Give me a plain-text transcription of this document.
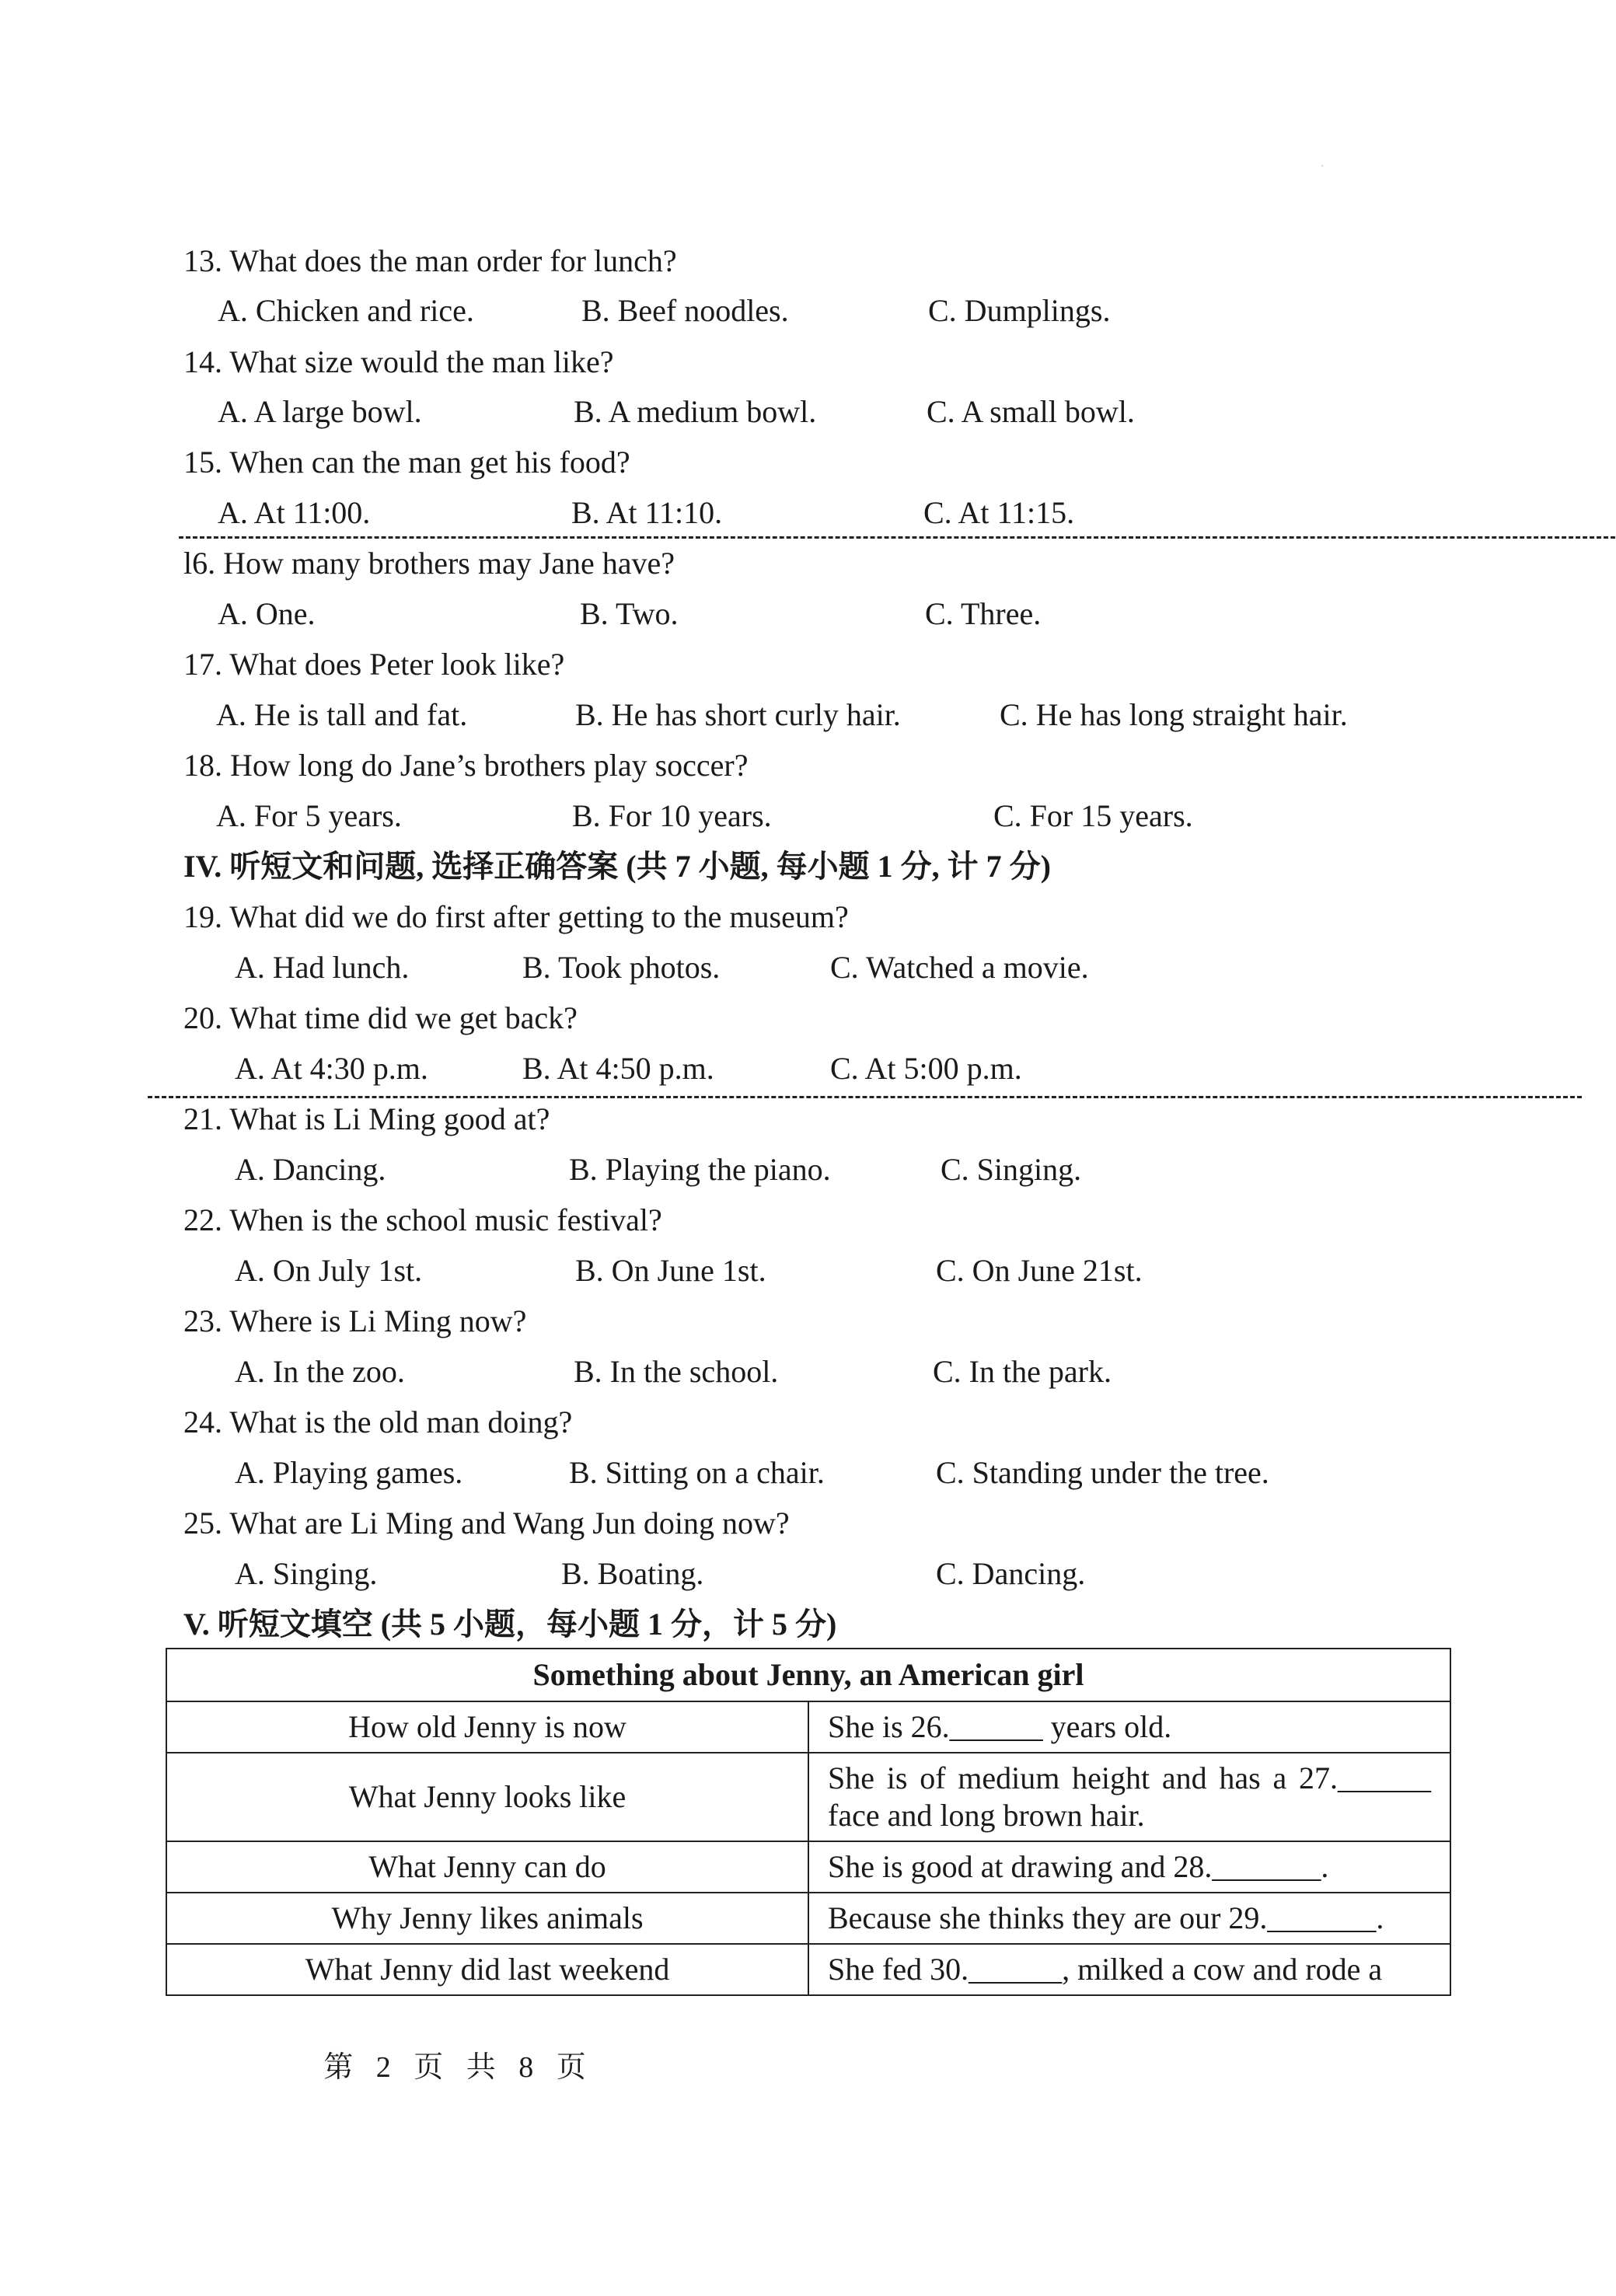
.
13. What does the man order for lunch?
A. Chicken and rice.	B. Beef noodles.	C. Dumplings.
14. What size would the man like?
A. A large bowl.	B. A medium bowl.	C. A small bowl.
15. When can the man get his food?
A. At 11:00.	B. At 11:10.	C. At 11:15.
l6. How many brothers may Jane have?
A. One.	B. Two.	C. Three.
17. What does Peter look like?
A. He is tall and fat.	B. He has short curly hair.	C. He has long straight hair.
18. How long do Jane’s brothers play soccer?
A. For 5 years.	B. For 10 years.	C. For 15 years.
IV. 听短文和问题, 选择正确答案 (共 7 小题, 每小题 1 分, 计 7 分)
19. What did we do first after getting to the museum?
A. Had lunch.	B. Took photos.	C. Watched a movie.
20. What time did we get back?
A. At 4:30 p.m.	B. At 4:50 p.m.	C. At 5:00 p.m.
21. What is Li Ming good at?
A. Dancing.	B. Playing the piano.	C. Singing.
22. When is the school music festival?
A. On July 1st.	B. On June 1st.	C. On June 21st.
23. Where is Li Ming now?
A. In the zoo.	B. In the school.	C. In the park.
24. What is the old man doing?
A. Playing games.	B. Sitting on a chair.	C. Standing under the tree.
25. What are Li Ming and Wang Jun doing now?
A. Singing.	B. Boating.	C. Dancing.
V. 听短文填空 (共 5 小题，每小题 1 分，计 5 分)
Something about Jenny, an American girl	
How old Jenny is now	She is 26.______ years old.
What Jenny looks like	She is of medium height and has a 27.______ face and long brown hair.
What Jenny can do	She is good at drawing and 28._______.
Why Jenny likes animals	Because she thinks they are our 29._______.
What Jenny did last weekend	She fed 30.______, milked a cow and rode a
第 2 页 共 8 页
